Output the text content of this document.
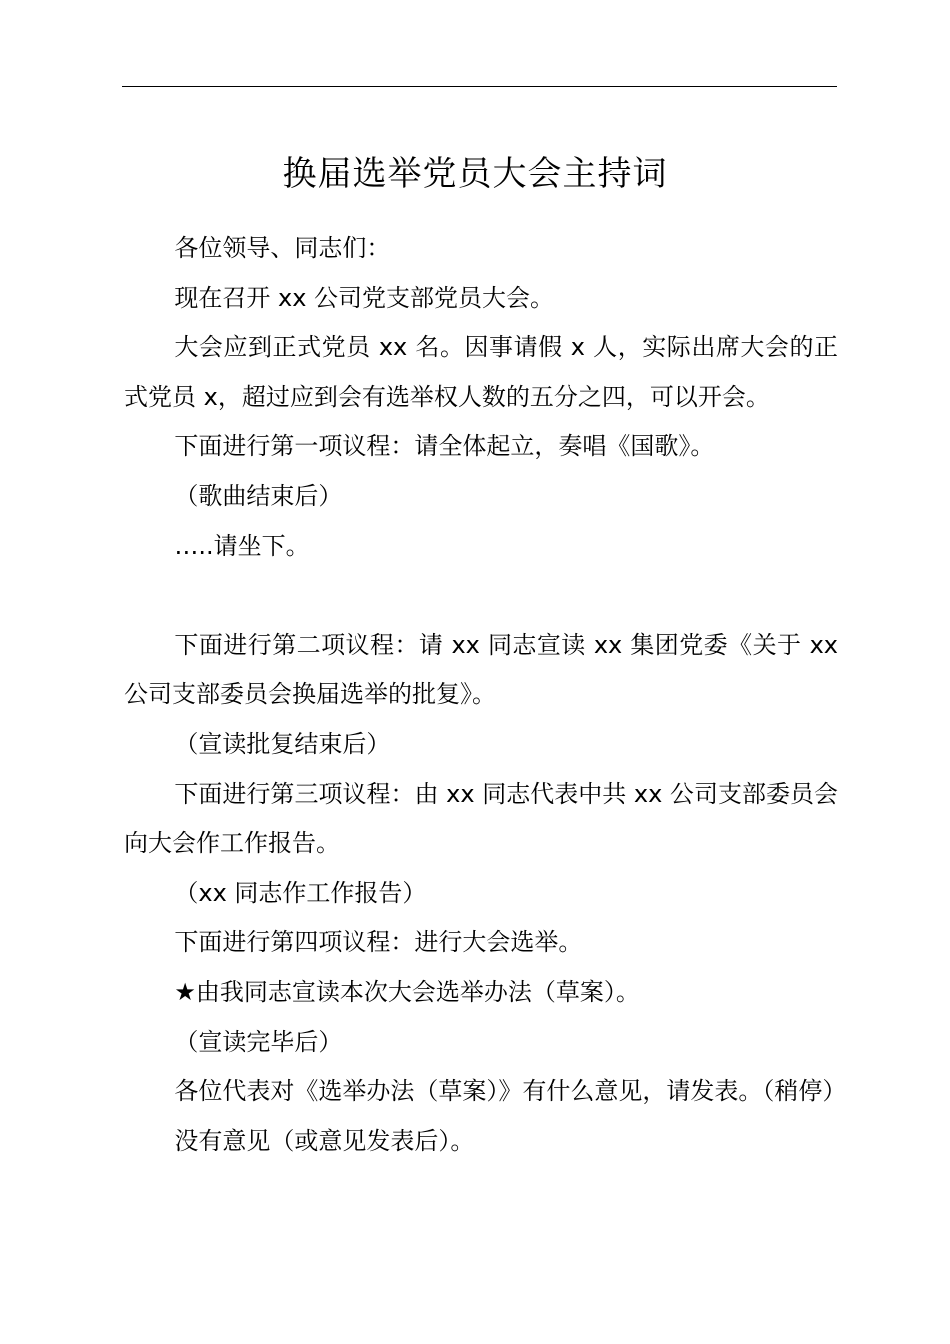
换届选举党员大会主持词

各位领导、同志们：

现在召开 xx 公司党支部党员大会。

大会应到正式党员 xx 名。因事请假 x 人，实际出席大会的正式党员 x，超过应到会有选举权人数的五分之四，可以开会。

下面进行第一项议程：请全体起立，奏唱《国歌》。

（歌曲结束后）

…..请坐下。

下面进行第二项议程：请 xx 同志宣读 xx 集团党委《关于 xx 公司支部委员会换届选举的批复》。

（宣读批复结束后）

下面进行第三项议程：由 xx 同志代表中共 xx 公司支部委员会向大会作工作报告。

（xx 同志作工作报告）

下面进行第四项议程：进行大会选举。

★由我同志宣读本次大会选举办法（草案）。

（宣读完毕后）

各位代表对《选举办法（草案）》有什么意见，请发表。（稍停）

没有意见（或意见发表后）。
